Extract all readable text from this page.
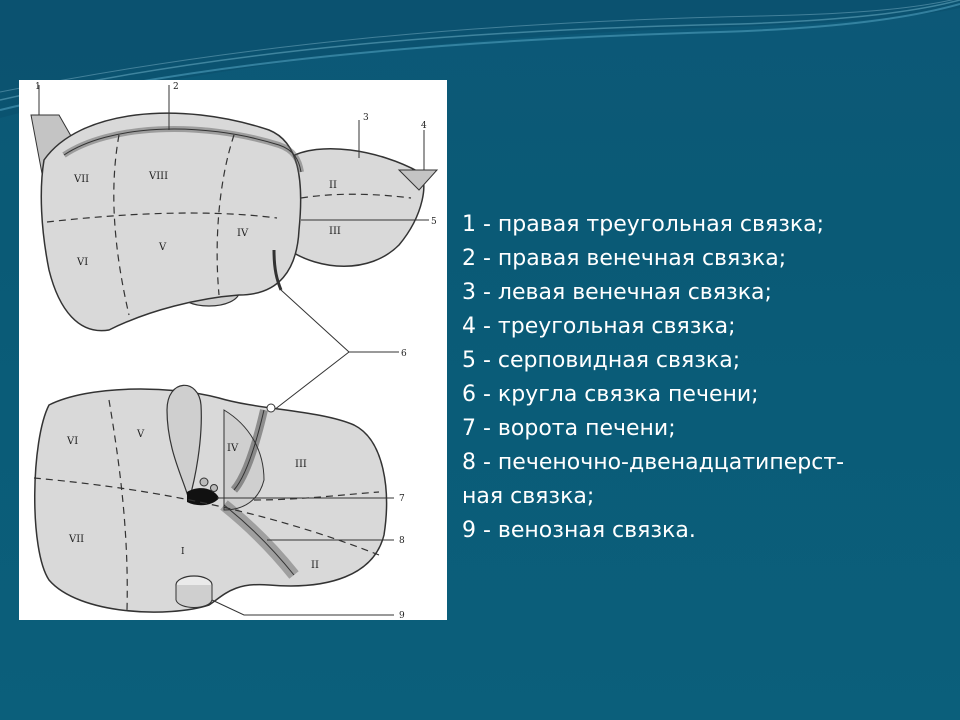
VII	VIII
VI
V
IV
II
III
VI
V
IV
III
VII
II
I
1	2
3
4
5
6
7
8
9
1 - правая треугольная связка;
2 - правая венечная связка;
3 - левая венечная связка;
4 - треугольная связка;
5 - серповидная связка;
6 - кругла связка печени;
7 - ворота печени;
8 - печеночно-двенадцатиперст-
ная связка;
9 - венозная связка.
